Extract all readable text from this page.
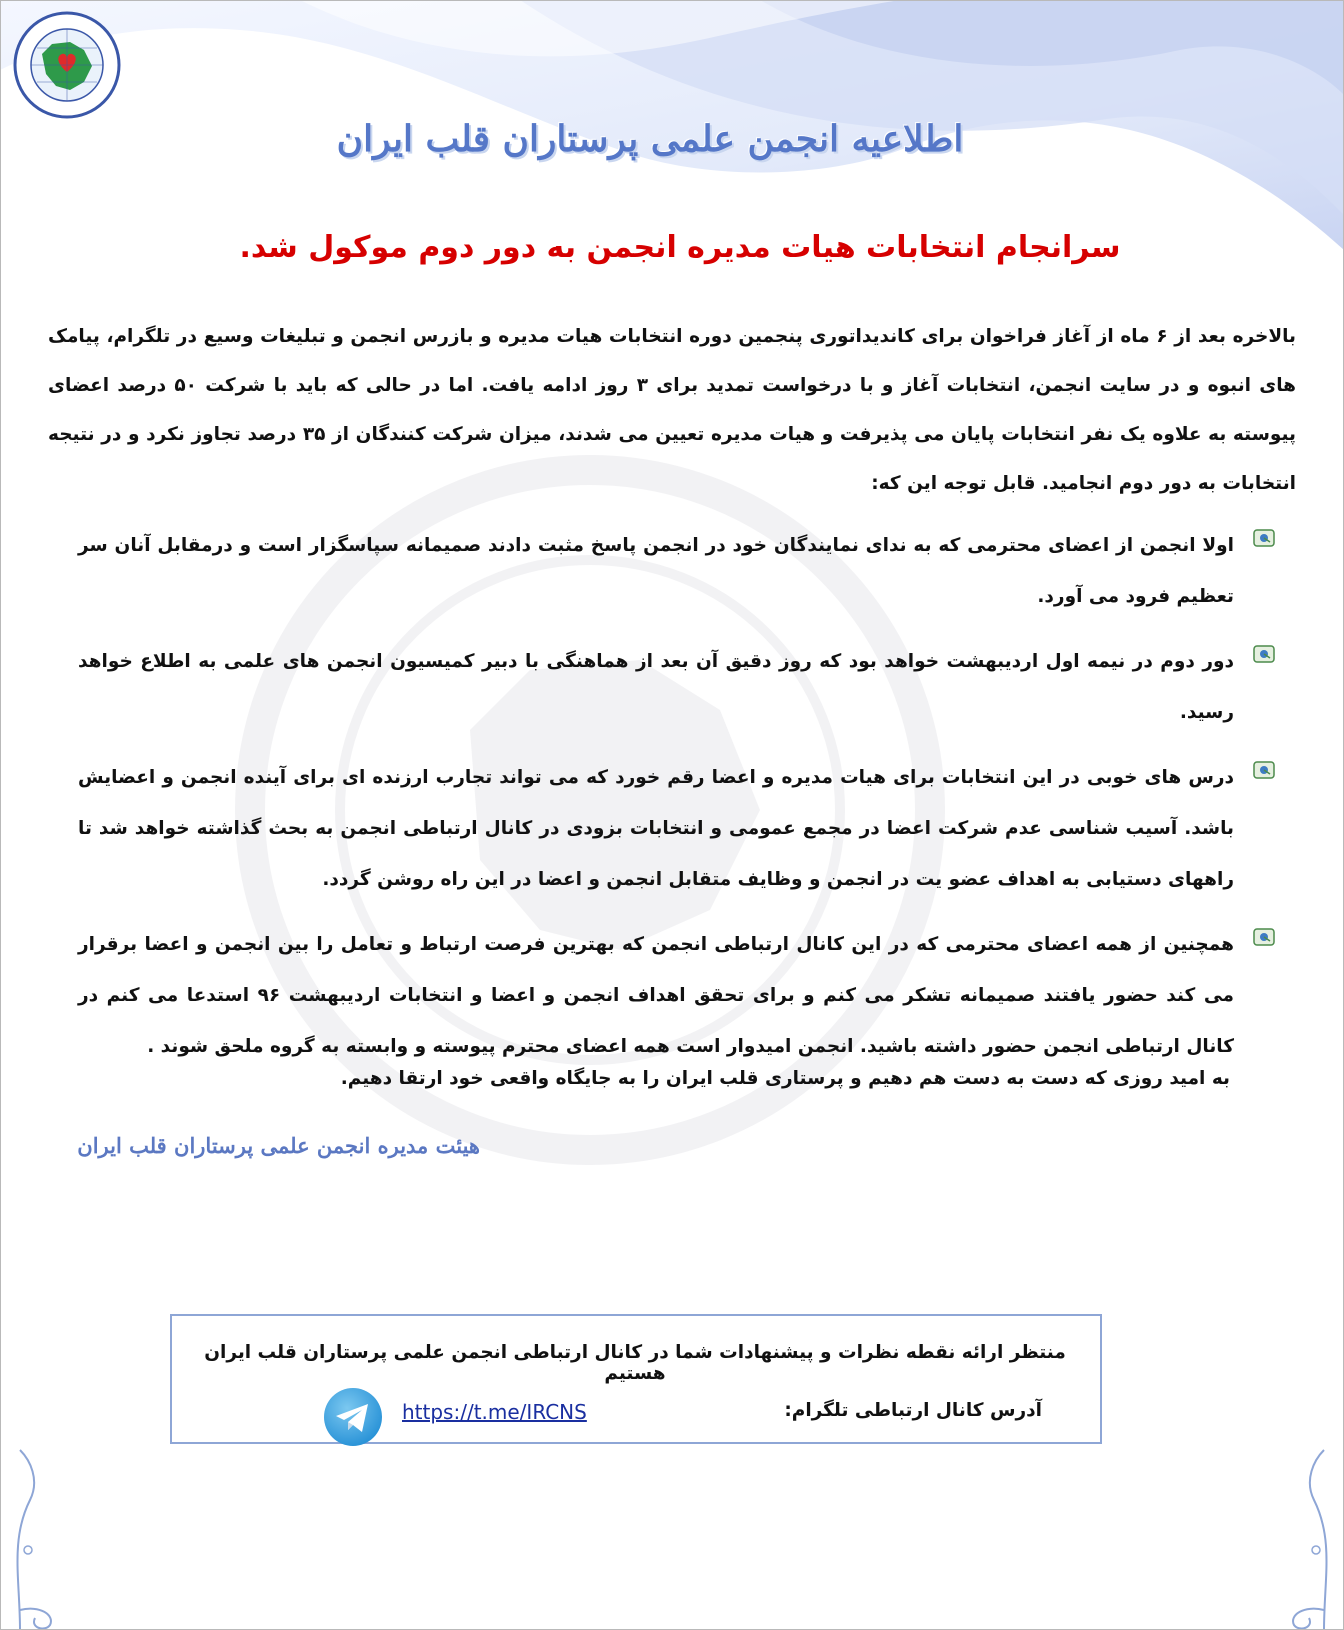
اطلاعیه انجمن علمی پرستاران قلب ایران
سرانجام انتخابات هیات مدیره انجمن به دور دوم موکول شد.

بالاخره بعد از ۶ ماه از آغاز فراخوان برای کاندیداتوری پنجمین دوره انتخابات هیات مدیره و بازرس انجمن و تبلیغات وسیع در تلگرام، پیامک های انبوه و در سایت انجمن، انتخابات آغاز و با درخواست تمدید برای ۳ روز ادامه یافت. اما در حالی که باید با شرکت ۵۰ درصد اعضای پیوسته به علاوه یک نفر انتخابات پایان می پذیرفت و هیات مدیره تعیین می شدند، میزان شرکت کنندگان از ۳۵ درصد تجاوز نکرد و در نتیجه انتخابات به دور دوم انجامید. قابل توجه این که:

اولا انجمن از اعضای محترمی که به ندای نمایندگان خود در انجمن پاسخ مثبت دادند صمیمانه سپاسگزار است و درمقابل آنان سر تعظیم فرود می آورد.
دور دوم در نیمه اول اردیبهشت خواهد بود که روز دقیق آن بعد از هماهنگی با دبیر کمیسیون انجمن های علمی به اطلاع خواهد رسید.
درس های خوبی در این انتخابات برای هیات مدیره و اعضا رقم خورد که می تواند تجارب ارزنده ای برای آینده انجمن و اعضایش باشد. آسیب شناسی عدم شرکت اعضا در مجمع عمومی و انتخابات بزودی در کانال ارتباطی انجمن به بحث گذاشته خواهد شد تا راههای دستیابی به اهداف عضو یت در انجمن و وظایف متقابل انجمن و اعضا در این راه روشن گردد.
همچنین از همه اعضای محترمی که در این کانال ارتباطی انجمن که بهترین فرصت ارتباط و تعامل را بین انجمن و اعضا برقرار می کند حضور یافتند صمیمانه تشکر می کنم و برای تحقق اهداف انجمن و اعضا و انتخابات اردیبهشت ۹۶ استدعا می کنم در کانال ارتباطی انجمن حضور داشته باشید. انجمن امیدوار است همه اعضای محترم پیوسته و وابسته به گروه ملحق شوند .
به امید روزی که دست به دست هم دهیم و پرستاری قلب ایران را به جایگاه واقعی خود ارتقا دهیم.
هیئت مدیره انجمن علمی پرستاران قلب ایران
منتظر ارائه نقطه نظرات و پیشنهادات شما در کانال ارتباطی انجمن علمی پرستاران قلب ایران هستیم
https://t.me/IRCNS	آدرس کانال ارتباطی تلگرام:
